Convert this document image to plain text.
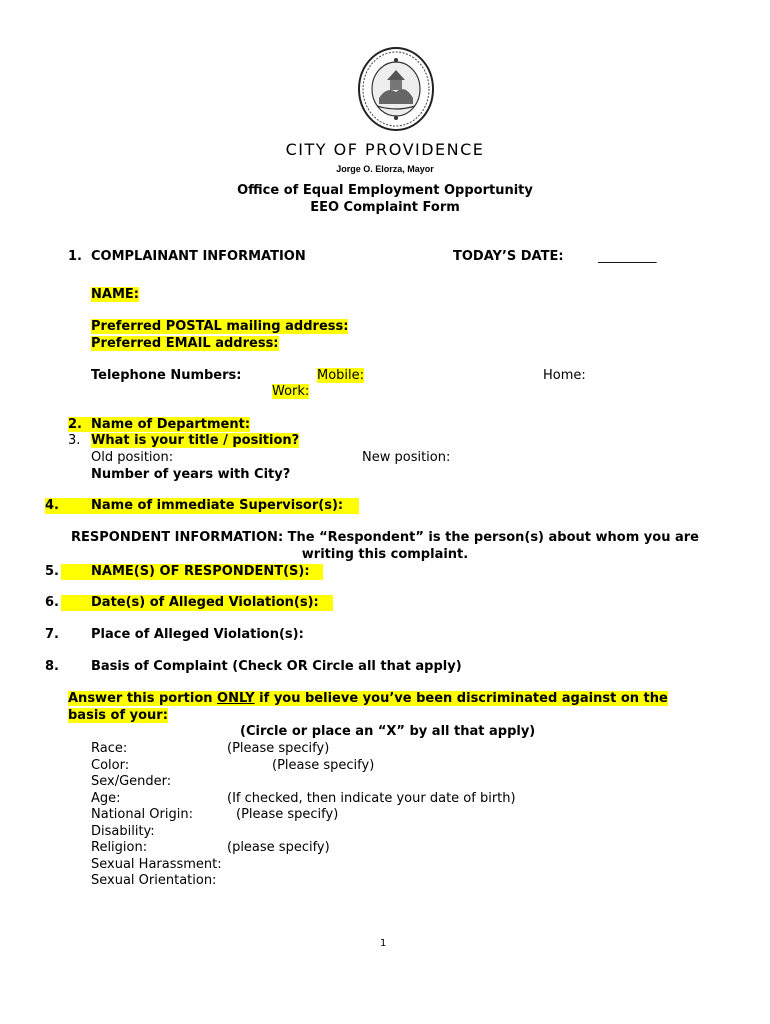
CITY OF PROVIDENCE
Jorge O. Elorza, Mayor
Office of Equal Employment Opportunity
EEO Complaint Form
1. COMPLAINANT INFORMATION	TODAY’S DATE:	_________
NAME:
Preferred POSTAL mailing address:
Preferred EMAIL address:
Telephone Numbers:	Mobile:	Home:
Work:
2. Name of Department:
3. What is your title / position?
Old position:	New position:
Number of years with City?
4. Name of immediate Supervisor(s):
RESPONDENT INFORMATION: The “Respondent” is the person(s) about whom you are
writing this complaint.
5.	NAME(S) OF RESPONDENT(S):
6.	Date(s) of Alleged Violation(s):
7. Place of Alleged Violation(s):
8. Basis of Complaint (Check OR Circle all that apply)
Answer this portion ONLY if you believe you’ve been discriminated against on the
basis of your:
(Circle or place an “X” by all that apply)
Race:	(Please specify)
Color:	(Please specify)
Sex/Gender:
Age:	(If checked, then indicate your date of birth)
National Origin:	(Please specify)
Disability:
Religion:	(please specify)
Sexual Harassment:
Sexual Orientation:
1
